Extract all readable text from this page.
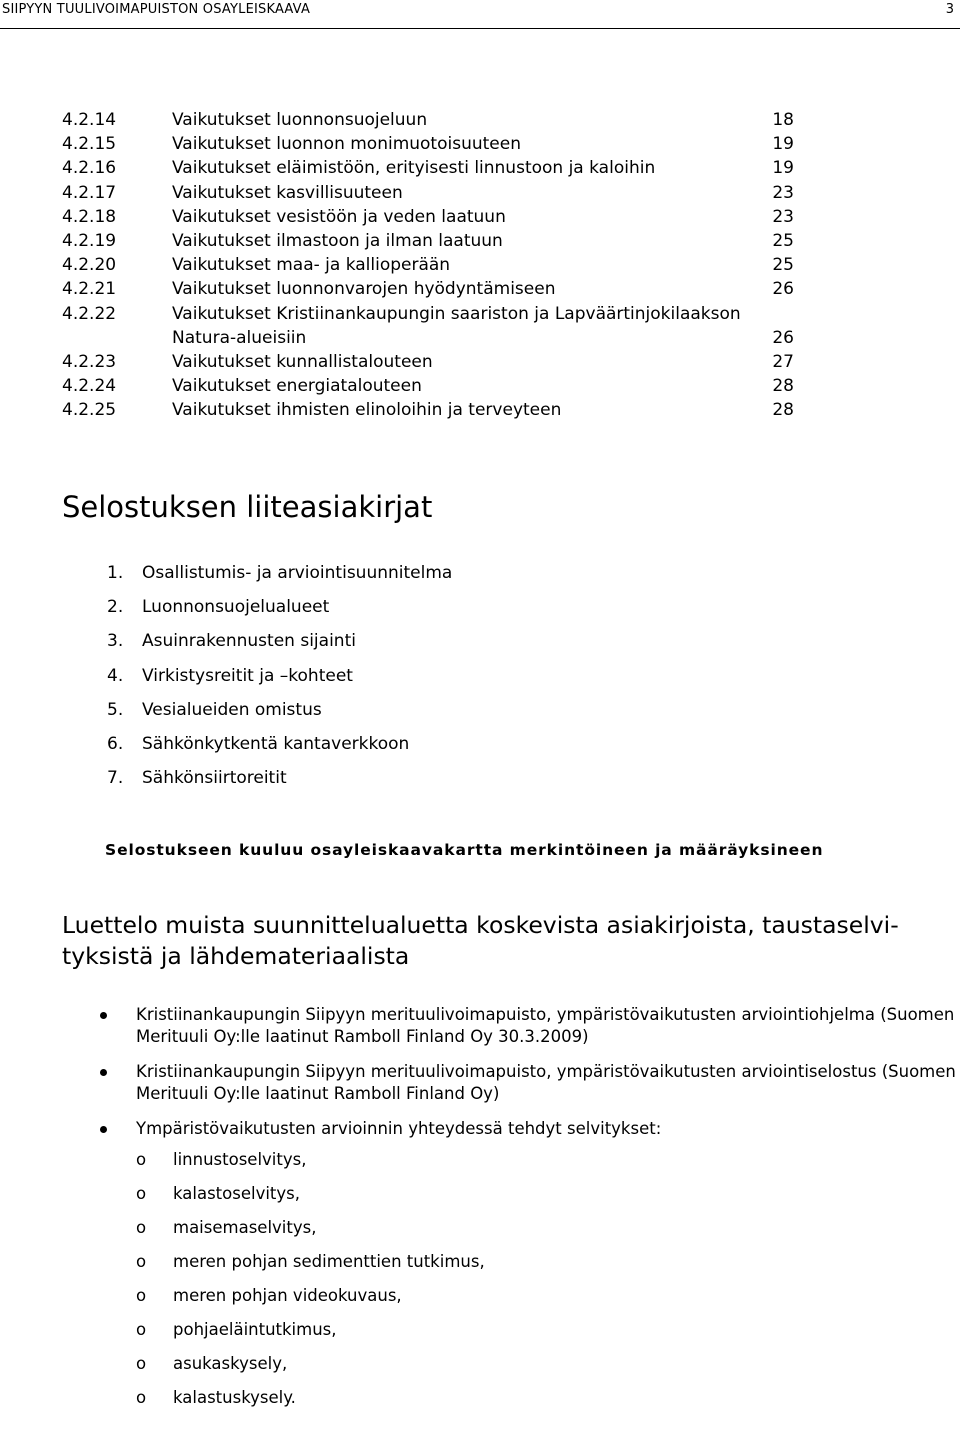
SIIPYYN TUULIVOIMAPUISTON OSAYLEISKAAVA	3
4.2.14	Vaikutukset luonnonsuojeluun	18
4.2.15	Vaikutukset luonnon monimuotoisuuteen	19
4.2.16	Vaikutukset eläimistöön, erityisesti linnustoon ja kaloihin	19
4.2.17	Vaikutukset kasvillisuuteen	23
4.2.18	Vaikutukset vesistöön ja veden laatuun	23
4.2.19	Vaikutukset ilmastoon ja ilman laatuun	25
4.2.20	Vaikutukset maa- ja kallioperään	25
4.2.21	Vaikutukset luonnonvarojen hyödyntämiseen	26
4.2.22	Vaikutukset Kristiinankaupungin saariston ja Lapväärtinjokilaakson Natura-alueisiin	26
4.2.23	Vaikutukset kunnallistalouteen	27
4.2.24	Vaikutukset energiatalouteen	28
4.2.25	Vaikutukset ihmisten elinoloihin ja terveyteen	28
Selostuksen liiteasiakirjat
1. Osallistumis- ja arviointisuunnitelma
2. Luonnonsuojelualueet
3. Asuinrakennusten sijainti
4. Virkistysreitit ja –kohteet
5. Vesialueiden omistus
6. Sähkönkytkentä kantaverkkoon
7. Sähkönsiirtoreitit
Selostukseen kuuluu osayleiskaavakartta merkintöineen ja määräyksineen
Luettelo muista suunnittelualuetta koskevista asiakirjoista, taustaselvi-tyksistä ja lähdemateriaalista
Kristiinankaupungin Siipyyn merituulivoimapuisto, ympäristövaikutusten arviointiohjelma (Suomen Merituuli Oy:lle laatinut Ramboll Finland Oy 30.3.2009)
Kristiinankaupungin Siipyyn merituulivoimapuisto, ympäristövaikutusten arviointiselostus (Suomen Merituuli Oy:lle laatinut Ramboll Finland Oy)
Ympäristövaikutusten arvioinnin yhteydessä tehdyt selvitykset:
o linnustoselvitys,
o kalastoselvitys,
o maisemaselvitys,
o meren pohjan sedimenttien tutkimus,
o meren pohjan videokuvaus,
o pohjaeläintutkimus,
o asukaskysely,
o kalastuskysely.
